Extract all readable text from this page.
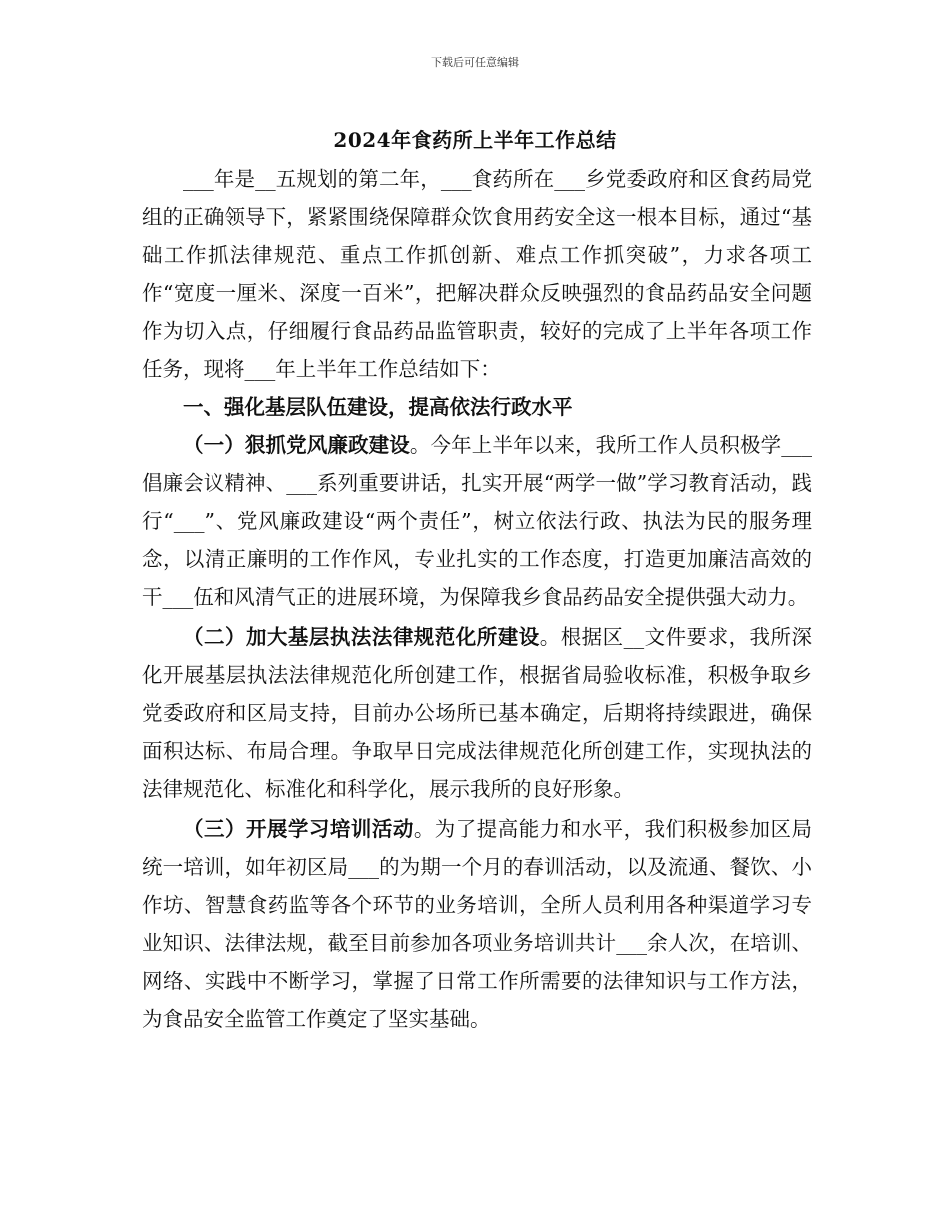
下载后可任意编辑
2024年食药所上半年工作总结

___年是__五规划的第二年，___食药所在___乡党委政府和区食药局党组的正确领导下，紧紧围绕保障群众饮食用药安全这一根本目标，通过“基础工作抓法律规范、重点工作抓创新、难点工作抓突破”，力求各项工作“宽度一厘米、深度一百米”，把解决群众反映强烈的食品药品安全问题作为切入点，仔细履行食品药品监管职责，较好的完成了上半年各项工作任务，现将___年上半年工作总结如下：

一、强化基层队伍建设，提高依法行政水平

（一）狠抓党风廉政建设。今年上半年以来，我所工作人员积极学___倡廉会议精神、___系列重要讲话，扎实开展“两学一做”学习教育活动，践行“___”、党风廉政建设“两个责任”，树立依法行政、执法为民的服务理念，以清正廉明的工作作风，专业扎实的工作态度，打造更加廉洁高效的干___伍和风清气正的进展环境，为保障我乡食品药品安全提供强大动力。

（二）加大基层执法法律规范化所建设。根据区__文件要求，我所深化开展基层执法法律规范化所创建工作，根据省局验收标准，积极争取乡党委政府和区局支持，目前办公场所已基本确定，后期将持续跟进，确保面积达标、布局合理。争取早日完成法律规范化所创建工作，实现执法的法律规范化、标准化和科学化，展示我所的良好形象。

（三）开展学习培训活动。为了提高能力和水平，我们积极参加区局统一培训，如年初区局___的为期一个月的春训活动，以及流通、餐饮、小作坊、智慧食药监等各个环节的业务培训，全所人员利用各种渠道学习专业知识、法律法规，截至目前参加各项业务培训共计___余人次，在培训、网络、实践中不断学习，掌握了日常工作所需要的法律知识与工作方法，为食品安全监管工作奠定了坚实基础。
